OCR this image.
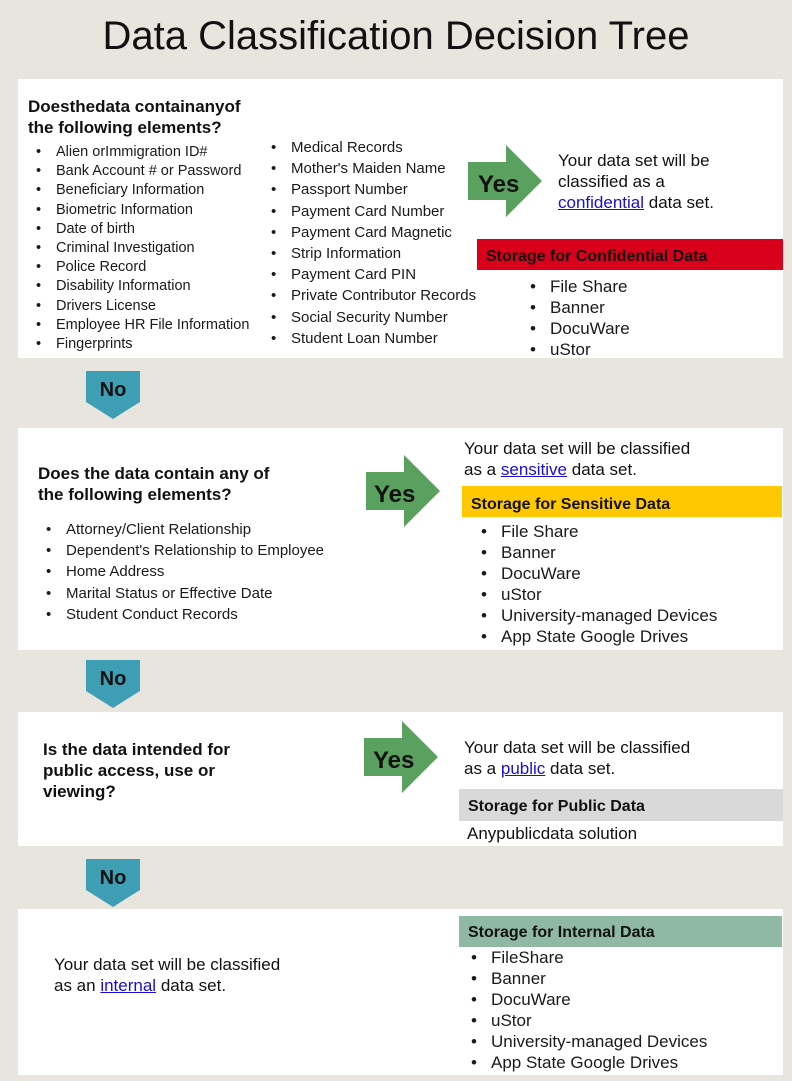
Data Classification Decision Tree
Doesthedata containanyof
the following elements?
• Alien orImmigration ID#
• Bank Account # or Password
• Beneficiary Information
• Biometric Information
• Date of birth
• Criminal Investigation
• Police Record
• Disability Information
• Drivers License
• Employee HR File Information
• Fingerprints
• Medical Records
• Mother's Maiden Name
• Passport Number
• Payment Card Number
• Payment Card Magnetic
• Strip Information
• Payment Card PIN
• Private Contributor Records
• Social Security Number
• Student Loan Number
Yes
Your data set will be
classified as a
confidential data set.
Storage for Confidential Data
• File Share
• Banner
• DocuWare
• uStor
No
Does the data contain any of
the following elements?
• Attorney/Client Relationship
• Dependent's Relationship to Employee
• Home Address
• Marital Status or Effective Date
• Student Conduct Records
Yes
Your data set will be classified
as a sensitive data set.
Storage for Sensitive Data
• File Share
• Banner
• DocuWare
• uStor
• University-managed Devices
• App State Google Drives
No
Is the data intended for
public access, use or
viewing?
Yes	Your data set will be classified
as a public data set.
Storage for Public Data
Anypublicdata solution
No
Your data set will be classified
as an internal data set.
Storage for Internal Data
• FileShare
• Banner
• DocuWare
• uStor
• University-managed Devices
• App State Google Drives
